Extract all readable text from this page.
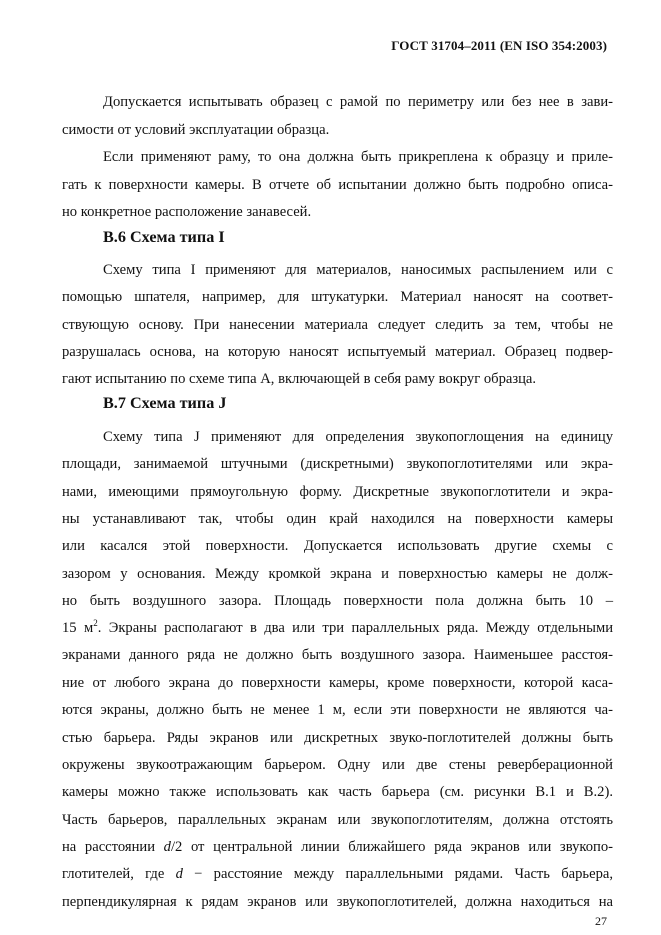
ГОСТ 31704–2011 (EN ISO 354:2003)
Допускается испытывать образец с рамой по периметру или без нее в зави-
симости от условий эксплуатации образца.
Если применяют раму, то она должна быть прикреплена к образцу и приле-
гать к поверхности камеры. В отчете об испытании должно быть подробно описа-
но конкретное расположение занавесей.
В.6 Схема типа I
Схему типа I применяют для материалов, наносимых распылением или с
помощью шпателя, например, для штукатурки. Материал наносят на соответ-
ствующую основу. При нанесении материала следует следить за тем, чтобы не
разрушалась основа, на которую наносят испытуемый материал. Образец подвер-
гают испытанию по схеме типа А, включающей в себя раму вокруг образца.
В.7 Схема типа J
Схему типа J применяют для определения звукопоглощения на единицу
площади, занимаемой штучными (дискретными) звукопоглотителями или экра-
нами, имеющими прямоугольную форму. Дискретные звукопоглотители и экра-
ны устанавливают так, чтобы один край находился на поверхности камеры
или касался этой поверхности. Допускается использовать другие схемы с
зазором у основания. Между кромкой экрана и поверхностью камеры не долж-
но быть воздушного зазора. Площадь поверхности пола должна быть 10 –
15 $м^2$. Экраны располагают в два или три параллельных ряда. Между отдельными
экранами данного ряда не должно быть воздушного зазора. Наименьшее расстоя-
ние от любого экрана до поверхности камеры, кроме поверхности, которой каса-
ются экраны, должно быть не менее 1 м, если эти поверхности не являются ча-
стью барьера. Ряды экранов или дискретных звуко-поглотителей должны быть
окружены звукоотражающим барьером. Одну или две стены реверберационной
камеры можно также использовать как часть барьера (см. рисунки В.1 и В.2).
Часть барьеров, параллельных экранам или звукопоглотителям, должна отстоять
на расстоянии d/2 от центральной линии ближайшего ряда экранов или звукопо-
глотителей, где d − расстояние между параллельными рядами. Часть барьера,
перпендикулярная к рядам экранов или звукопоглотителей, должна находиться на
27
